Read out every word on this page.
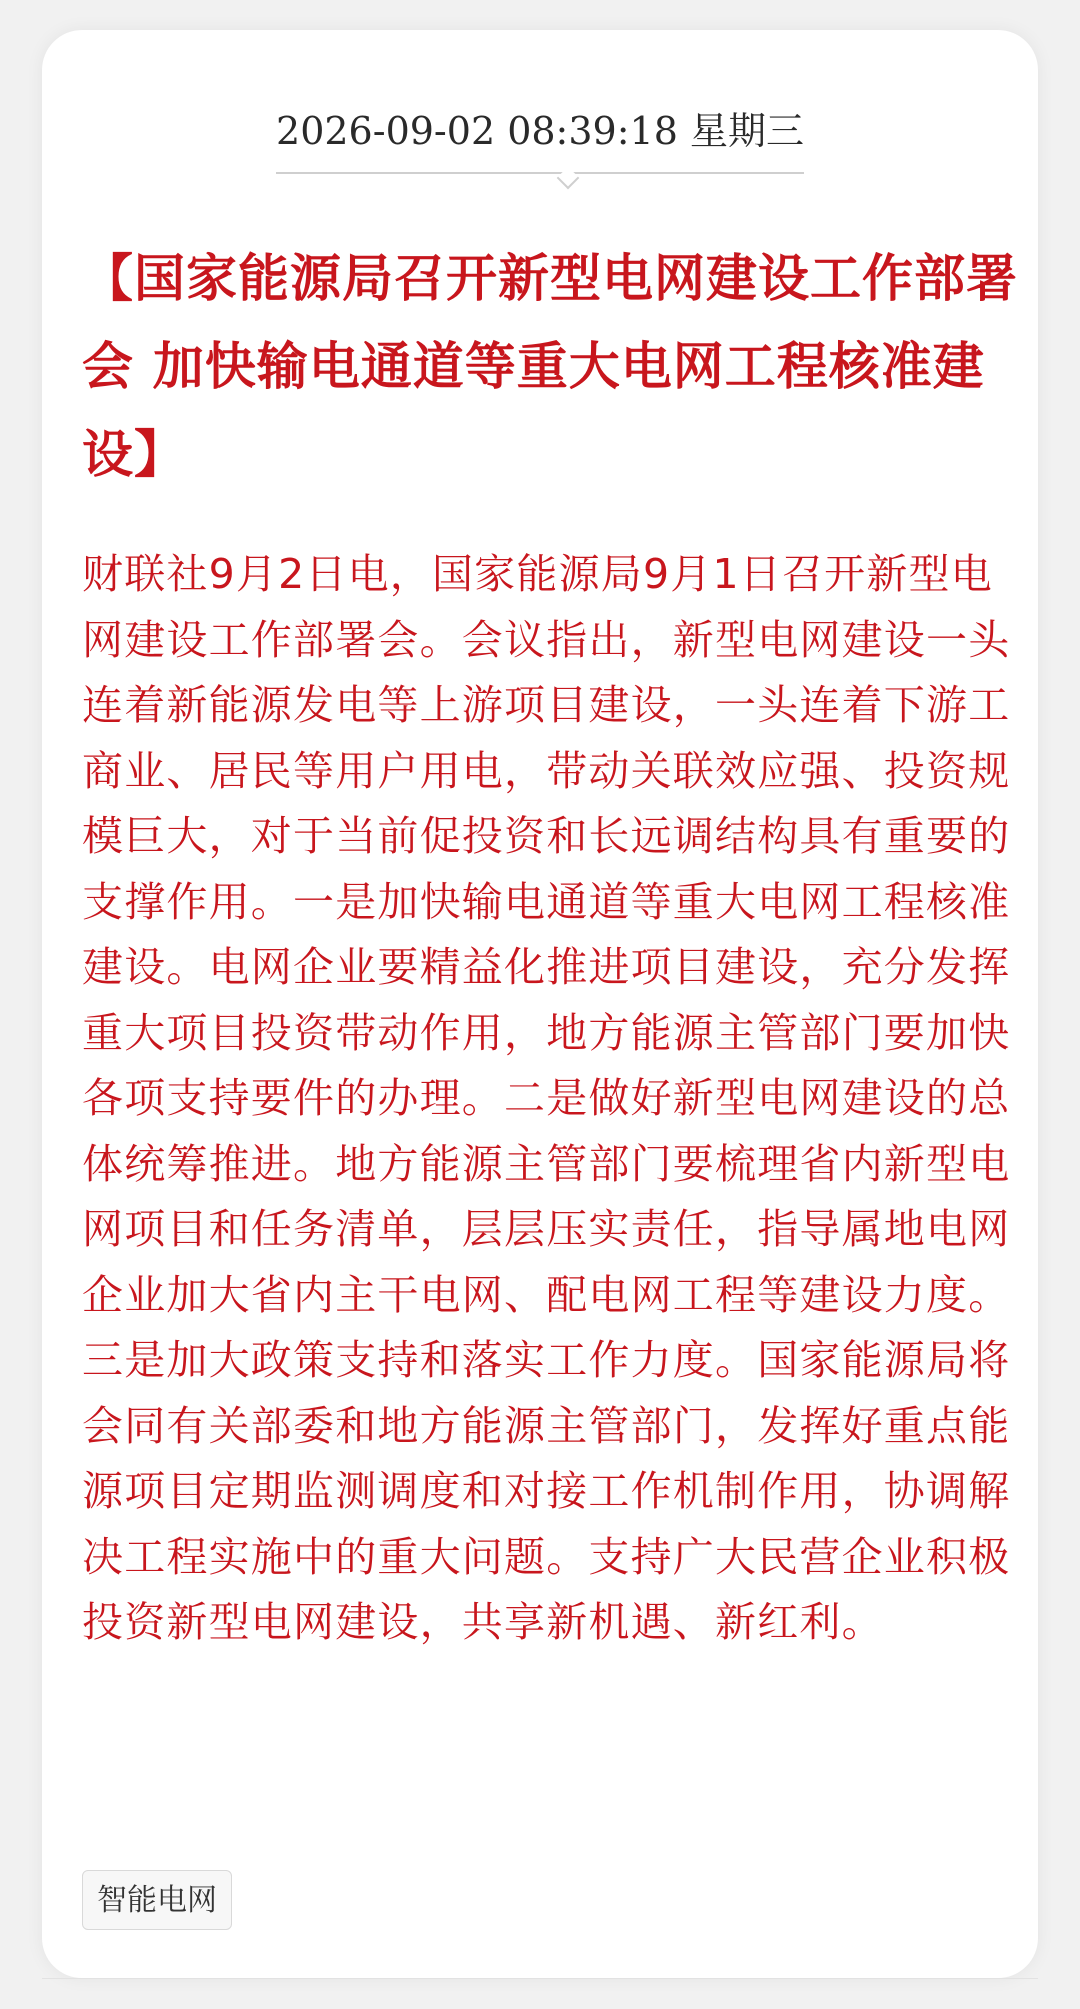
2026-09-02 08:39:18 星期三
【国家能源局召开新型电网建设工作部署会 加快输电通道等重大电网工程核准建设】

财联社9月2日电，国家能源局9月1日召开新型电网建设工作部署会。会议指出，新型电网建设一头连着新能源发电等上游项目建设，一头连着下游工商业、居民等用户用电，带动关联效应强、投资规模巨大，对于当前促投资和长远调结构具有重要的支撑作用。一是加快输电通道等重大电网工程核准建设。电网企业要精益化推进项目建设，充分发挥重大项目投资带动作用，地方能源主管部门要加快各项支持要件的办理。二是做好新型电网建设的总体统筹推进。地方能源主管部门要梳理省内新型电网项目和任务清单，层层压实责任，指导属地电网企业加大省内主干电网、配电网工程等建设力度。三是加大政策支持和落实工作力度。国家能源局将会同有关部委和地方能源主管部门，发挥好重点能源项目定期监测调度和对接工作机制作用，协调解决工程实施中的重大问题。支持广大民营企业积极投资新型电网建设，共享新机遇、新红利。

智能电网
